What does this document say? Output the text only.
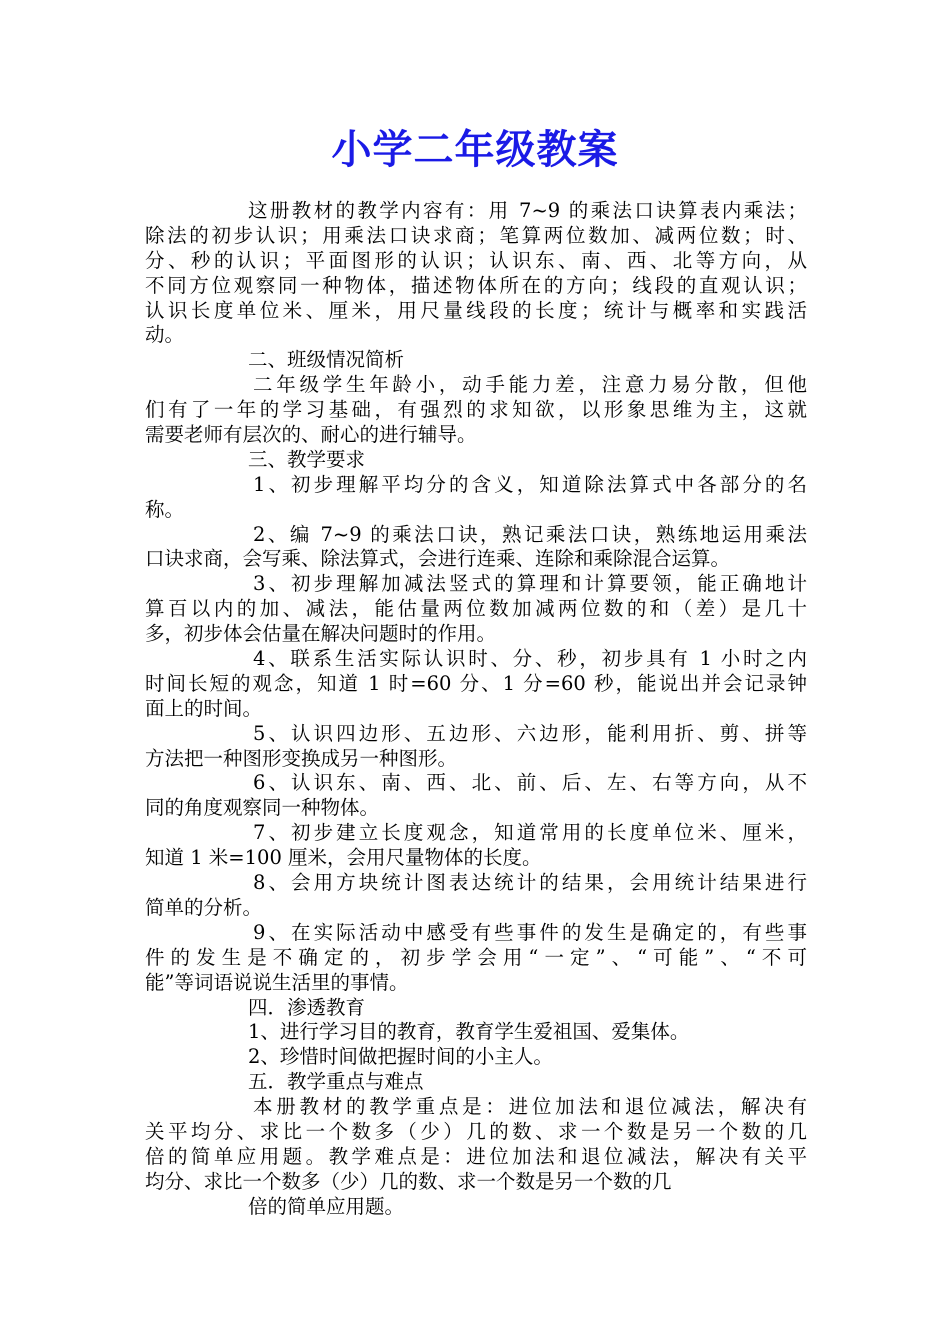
小学二年级教案
这册教材的教学内容有：用 7~9 的乘法口诀算表内乘法；
除法的初步认识；用乘法口诀求商；笔算两位数加、减两位数；时、
分、秒的认识；平面图形的认识；认识东、南、西、北等方向，从
不同方位观察同一种物体，描述物体所在的方向；线段的直观认识；
认识长度单位米、厘米，用尺量线段的长度；统计与概率和实践活
动。
二、班级情况简析
二年级学生年龄小，动手能力差，注意力易分散，但他
们有了一年的学习基础，有强烈的求知欲，以形象思维为主，这就
需要老师有层次的、耐心的进行辅导。
三、教学要求
1、初步理解平均分的含义，知道除法算式中各部分的名
称。
2、编 7~9 的乘法口诀，熟记乘法口诀，熟练地运用乘法
口诀求商，会写乘、除法算式，会进行连乘、连除和乘除混合运算。
3、初步理解加减法竖式的算理和计算要领，能正确地计
算百以内的加、减法，能估量两位数加减两位数的和（差）是几十
多，初步体会估量在解决问题时的作用。
4、联系生活实际认识时、分、秒，初步具有 1 小时之内
时间长短的观念，知道 1 时=60 分、1 分=60 秒，能说出并会记录钟
面上的时间。
5、认识四边形、五边形、六边形，能利用折、剪、拼等
方法把一种图形变换成另一种图形。
6、认识东、南、西、北、前、后、左、右等方向，从不
同的角度观察同一种物体。
7、初步建立长度观念，知道常用的长度单位米、厘米，
知道 1 米=100 厘米，会用尺量物体的长度。
8、会用方块统计图表达统计的结果，会用统计结果进行
简单的分析。
9、在实际活动中感受有些事件的发生是确定的，有些事
件的发生是不确定的，初步学会用“一定”、“可能”、“不可
能”等词语说说生活里的事情。
四．渗透教育
1、进行学习目的教育，教育学生爱祖国、爱集体。
2、珍惜时间做把握时间的小主人。
五．教学重点与难点
本册教材的教学重点是：进位加法和退位减法，解决有
关平均分、求比一个数多（少）几的数、求一个数是另一个数的几
倍的简单应用题。教学难点是：进位加法和退位减法，解决有关平
均分、求比一个数多（少）几的数、求一个数是另一个数的几
倍的简单应用题。
